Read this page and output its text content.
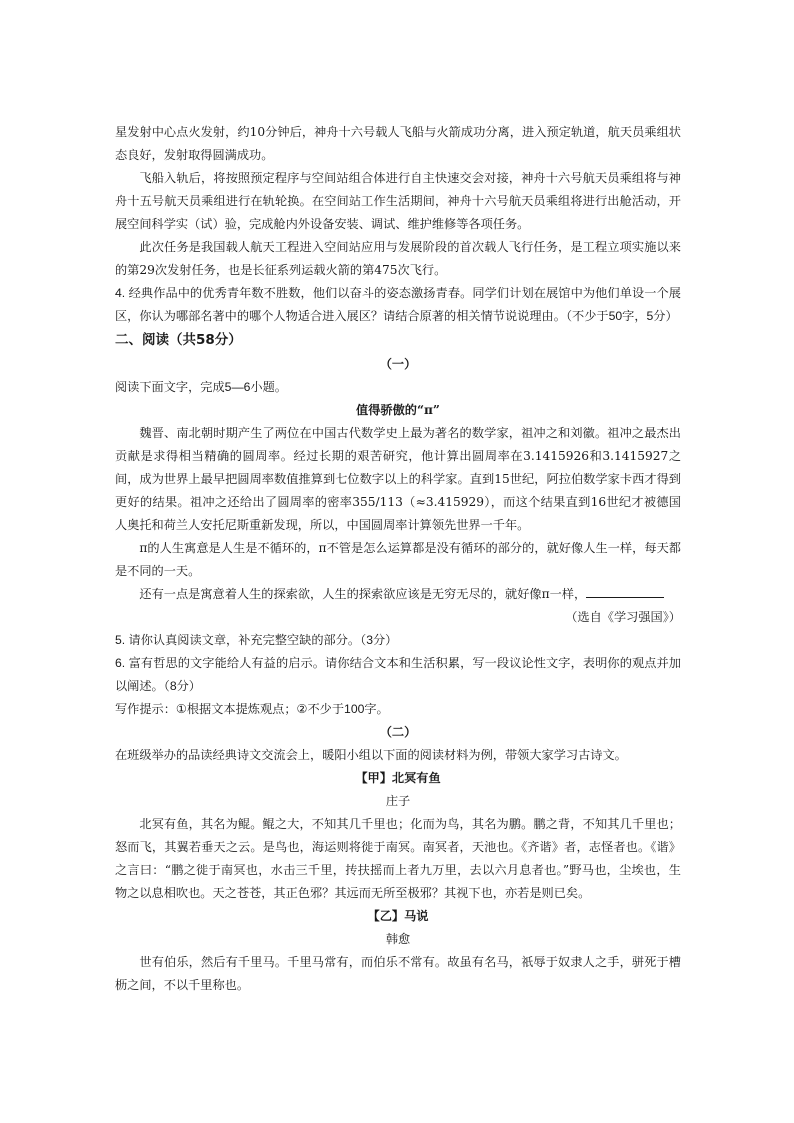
星发射中心点火发射，约10分钟后，神舟十六号载人飞船与火箭成功分离，进入预定轨道，航天员乘组状态良好，发射取得圆满成功。

飞船入轨后，将按照预定程序与空间站组合体进行自主快速交会对接，神舟十六号航天员乘组将与神舟十五号航天员乘组进行在轨轮换。在空间站工作生活期间，神舟十六号航天员乘组将进行出舱活动，开展空间科学实（试）验，完成舱内外设备安装、调试、维护维修等各项任务。

此次任务是我国载人航天工程进入空间站应用与发展阶段的首次载人飞行任务，是工程立项实施以来的第29次发射任务，也是长征系列运载火箭的第475次飞行。

4. 经典作品中的优秀青年数不胜数，他们以奋斗的姿态激扬青春。同学们计划在展馆中为他们单设一个展区，你认为哪部名著中的哪个人物适合进入展区？请结合原著的相关情节说说理由。（不少于50字，5分）

二、阅读（共58分）

（一）

阅读下面文字，完成5—6小题。

值得骄傲的“π”

魏晋、南北朝时期产生了两位在中国古代数学史上最为著名的数学家，祖冲之和刘徽。祖冲之最杰出贡献是求得相当精确的圆周率。经过长期的艰苦研究，他计算出圆周率在3.1415926和3.1415927之间，成为世界上最早把圆周率数值推算到七位数字以上的科学家。直到15世纪，阿拉伯数学家卡西才得到更好的结果。祖冲之还给出了圆周率的密率355/113（≈3.415929），而这个结果直到16世纪才被德国人奥托和荷兰人安托尼斯重新发现，所以，中国圆周率计算领先世界一千年。

π的人生寓意是人生是不循环的，π不管是怎么运算都是没有循环的部分的，就好像人生一样，每天都是不同的一天。

还有一点是寓意着人生的探索欲，人生的探索欲应该是无穷无尽的，就好像π一样，

（选自《学习强国》）

5. 请你认真阅读文章，补充完整空缺的部分。（3分）

6. 富有哲思的文字能给人有益的启示。请你结合文本和生活积累，写一段议论性文字，表明你的观点并加以阐述。（8分）

写作提示：①根据文本提炼观点；②不少于100字。

（二）

在班级举办的品读经典诗文交流会上，暖阳小组以下面的阅读材料为例，带领大家学习古诗文。

【甲】北冥有鱼

庄子

北冥有鱼，其名为鲲。鲲之大，不知其几千里也；化而为鸟，其名为鹏。鹏之背，不知其几千里也；怒而飞，其翼若垂天之云。是鸟也，海运则将徙于南冥。南冥者，天池也。《齐谐》者，志怪者也。《谐》之言曰：“鹏之徙于南冥也，水击三千里，抟扶摇而上者九万里，去以六月息者也。”野马也，尘埃也，生物之以息相吹也。天之苍苍，其正色邪？其远而无所至极邪？其视下也，亦若是则已矣。

【乙】马说

韩愈

世有伯乐，然后有千里马。千里马常有，而伯乐不常有。故虽有名马，祇辱于奴隶人之手，骈死于槽枥之间，不以千里称也。
